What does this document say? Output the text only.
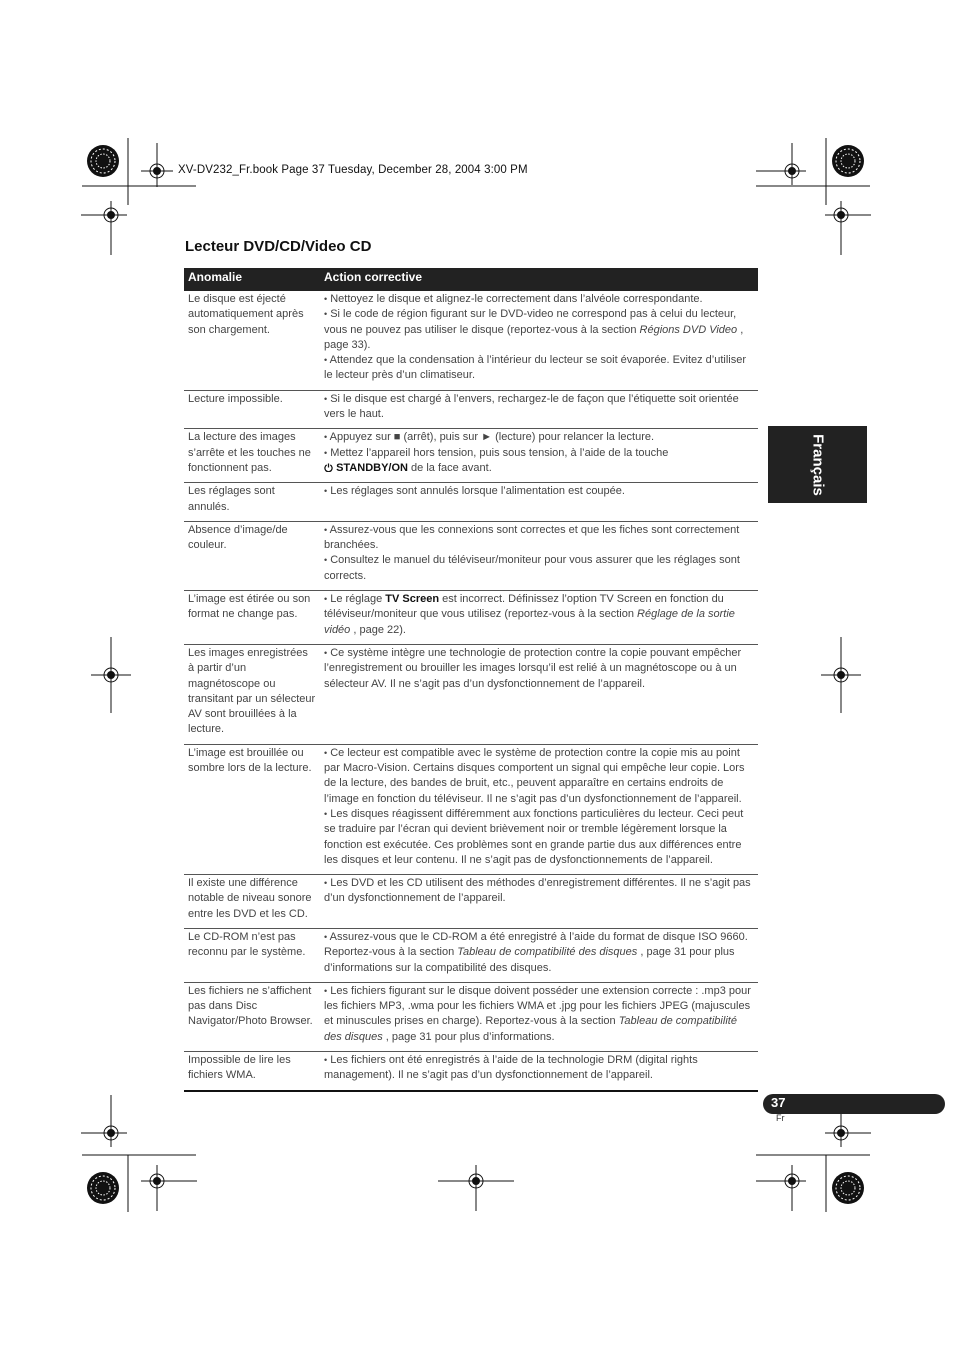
XV-DV232_Fr.book Page 37 Tuesday, December 28, 2004 3:00 PM
Lecteur DVD/CD/Video CD
Anomalie	Action corrective
Le disque est éjecté automatiquement après son chargement.	• Nettoyez le disque et alignez-le correctement dans l’alvéole correspondante.
• Si le code de région figurant sur le DVD-video ne correspond pas à celui du lecteur, vous ne pouvez pas utiliser le disque (reportez-vous à la section Régions DVD Video , page 33).
• Attendez que la condensation à l’intérieur du lecteur se soit évaporée. Evitez d’utiliser le lecteur près d’un climatiseur.

Lecture impossible.	• Si le disque est chargé à l’envers, rechargez-le de façon que l’étiquette soit orientée vers le haut.

La lecture des images s’arrête et les touches ne fonctionnent pas.	• Appuyez sur ■ (arrêt), puis sur ► (lecture) pour relancer la lecture.
• Mettez l’appareil hors tension, puis sous tension, à l’aide de la touche
STANDBY/ON de la face avant.

Les réglages sont annulés.	• Les réglages sont annulés lorsque l’alimentation est coupée.

Absence d’image/de couleur.	• Assurez-vous que les connexions sont correctes et que les fiches sont correctement branchées.
• Consultez le manuel du téléviseur/moniteur pour vous assurer que les réglages sont corrects.

L’image est étirée ou son format ne change pas.	• Le réglage TV Screen est incorrect. Définissez l’option TV Screen en fonction du téléviseur/moniteur que vous utilisez (reportez-vous à la section Réglage de la sortie vidéo , page 22).

Les images enregistrées à partir d’un magnétoscope ou transitant par un sélecteur AV sont brouillées à la lecture.	• Ce système intègre une technologie de protection contre la copie pouvant empêcher l’enregistrement ou brouiller les images lorsqu’il est relié à un magnétoscope ou à un sélecteur AV. Il ne s’agit pas d’un dysfonctionnement de l’appareil.

L’image est brouillée ou sombre lors de la lecture.	• Ce lecteur est compatible avec le système de protection contre la copie mis au point par Macro-Vision. Certains disques comportent un signal qui empêche leur copie. Lors de la lecture, des bandes de bruit, etc., peuvent apparaître en certains endroits de l’image en fonction du téléviseur. Il ne s’agit pas d’un dysfonctionnement de l’appareil.
• Les disques réagissent différemment aux fonctions particulières du lecteur. Ceci peut se traduire par l’écran qui devient brièvement noir or tremble légèrement lorsque la fonction est exécutée. Ces problèmes sont en grande partie dus aux différences entre les disques et leur contenu. Il ne s’agit pas de dysfonctionnements de l’appareil.

Il existe une différence notable de niveau sonore entre les DVD et les CD.	• Les DVD et les CD utilisent des méthodes d’enregistrement différentes. Il ne s’agit pas d’un dysfonctionnement de l’appareil.

Le CD-ROM n’est pas reconnu par le système.	• Assurez-vous que le CD-ROM a été enregistré à l’aide du format de disque ISO 9660. Reportez-vous à la section Tableau de compatibilité des disques , page 31 pour plus d’informations sur la compatibilité des disques.

Les fichiers ne s’affichent pas dans Disc Navigator/Photo Browser.	• Les fichiers figurant sur le disque doivent posséder une extension correcte : .mp3 pour les fichiers MP3, .wma pour les fichiers WMA et .jpg pour les fichiers JPEG (majuscules et minuscules prises en charge). Reportez-vous à la section Tableau de compatibilité des disques , page 31 pour plus d’informations.

Impossible de lire les fichiers WMA.	• Les fichiers ont été enregistrés à l’aide de la technologie DRM (digital rights management). Il ne s’agit pas d’un dysfonctionnement de l’appareil.
Français
37
Fr
